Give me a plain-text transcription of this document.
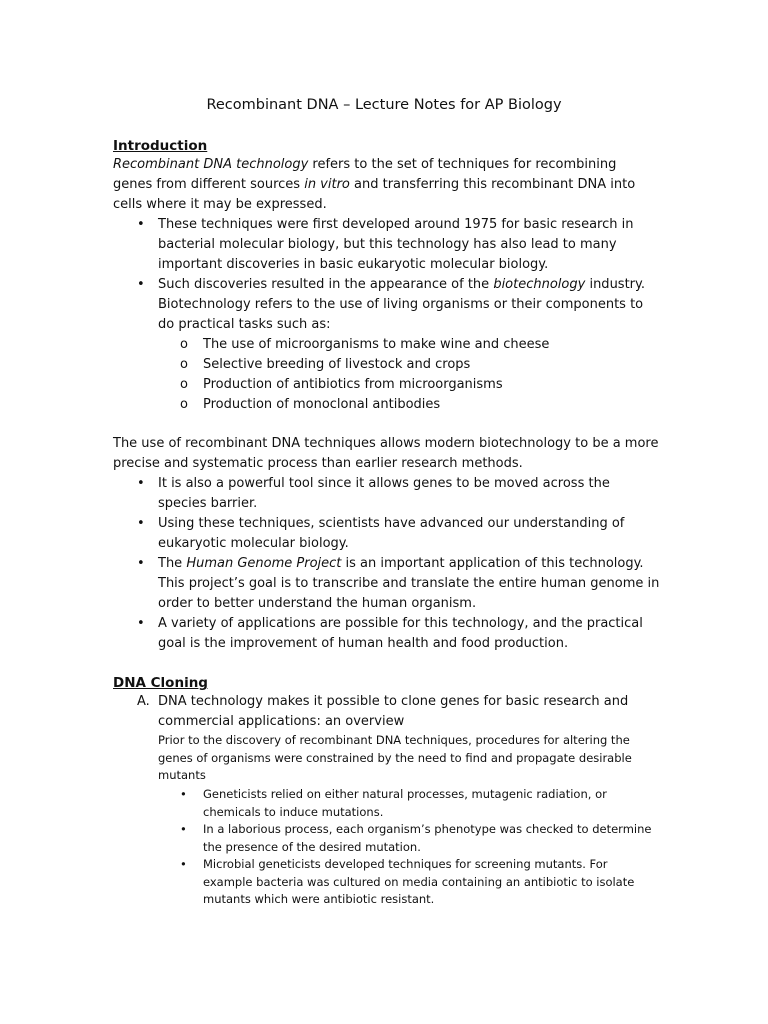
Recombinant DNA – Lecture Notes for AP Biology
Introduction
Recombinant DNA technology refers to the set of techniques for recombining
genes from different sources in vitro and transferring this recombinant DNA into
cells where it may be expressed.
• These techniques were first developed around 1975 for basic research in
bacterial molecular biology, but this technology has also lead to many
important discoveries in basic eukaryotic molecular biology.
• Such discoveries resulted in the appearance of the biotechnology industry.
Biotechnology refers to the use of living organisms or their components to
do practical tasks such as:
o The use of microorganisms to make wine and cheese
o Selective breeding of livestock and crops
o Production of antibiotics from microorganisms
o Production of monoclonal antibodies
The use of recombinant DNA techniques allows modern biotechnology to be a more
precise and systematic process than earlier research methods.
• It is also a powerful tool since it allows genes to be moved across the
species barrier.
• Using these techniques, scientists have advanced our understanding of
eukaryotic molecular biology.
• The Human Genome Project is an important application of this technology.
This project’s goal is to transcribe and translate the entire human genome in
order to better understand the human organism.
• A variety of applications are possible for this technology, and the practical
goal is the improvement of human health and food production.
DNA Cloning
A. DNA technology makes it possible to clone genes for basic research and
commercial applications: an overview
Prior to the discovery of recombinant DNA techniques, procedures for altering the
genes of organisms were constrained by the need to find and propagate desirable
mutants
• Geneticists relied on either natural processes, mutagenic radiation, or
chemicals to induce mutations.
• In a laborious process, each organism’s phenotype was checked to determine
the presence of the desired mutation.
• Microbial geneticists developed techniques for screening mutants. For
example bacteria was cultured on media containing an antibiotic to isolate
mutants which were antibiotic resistant.
